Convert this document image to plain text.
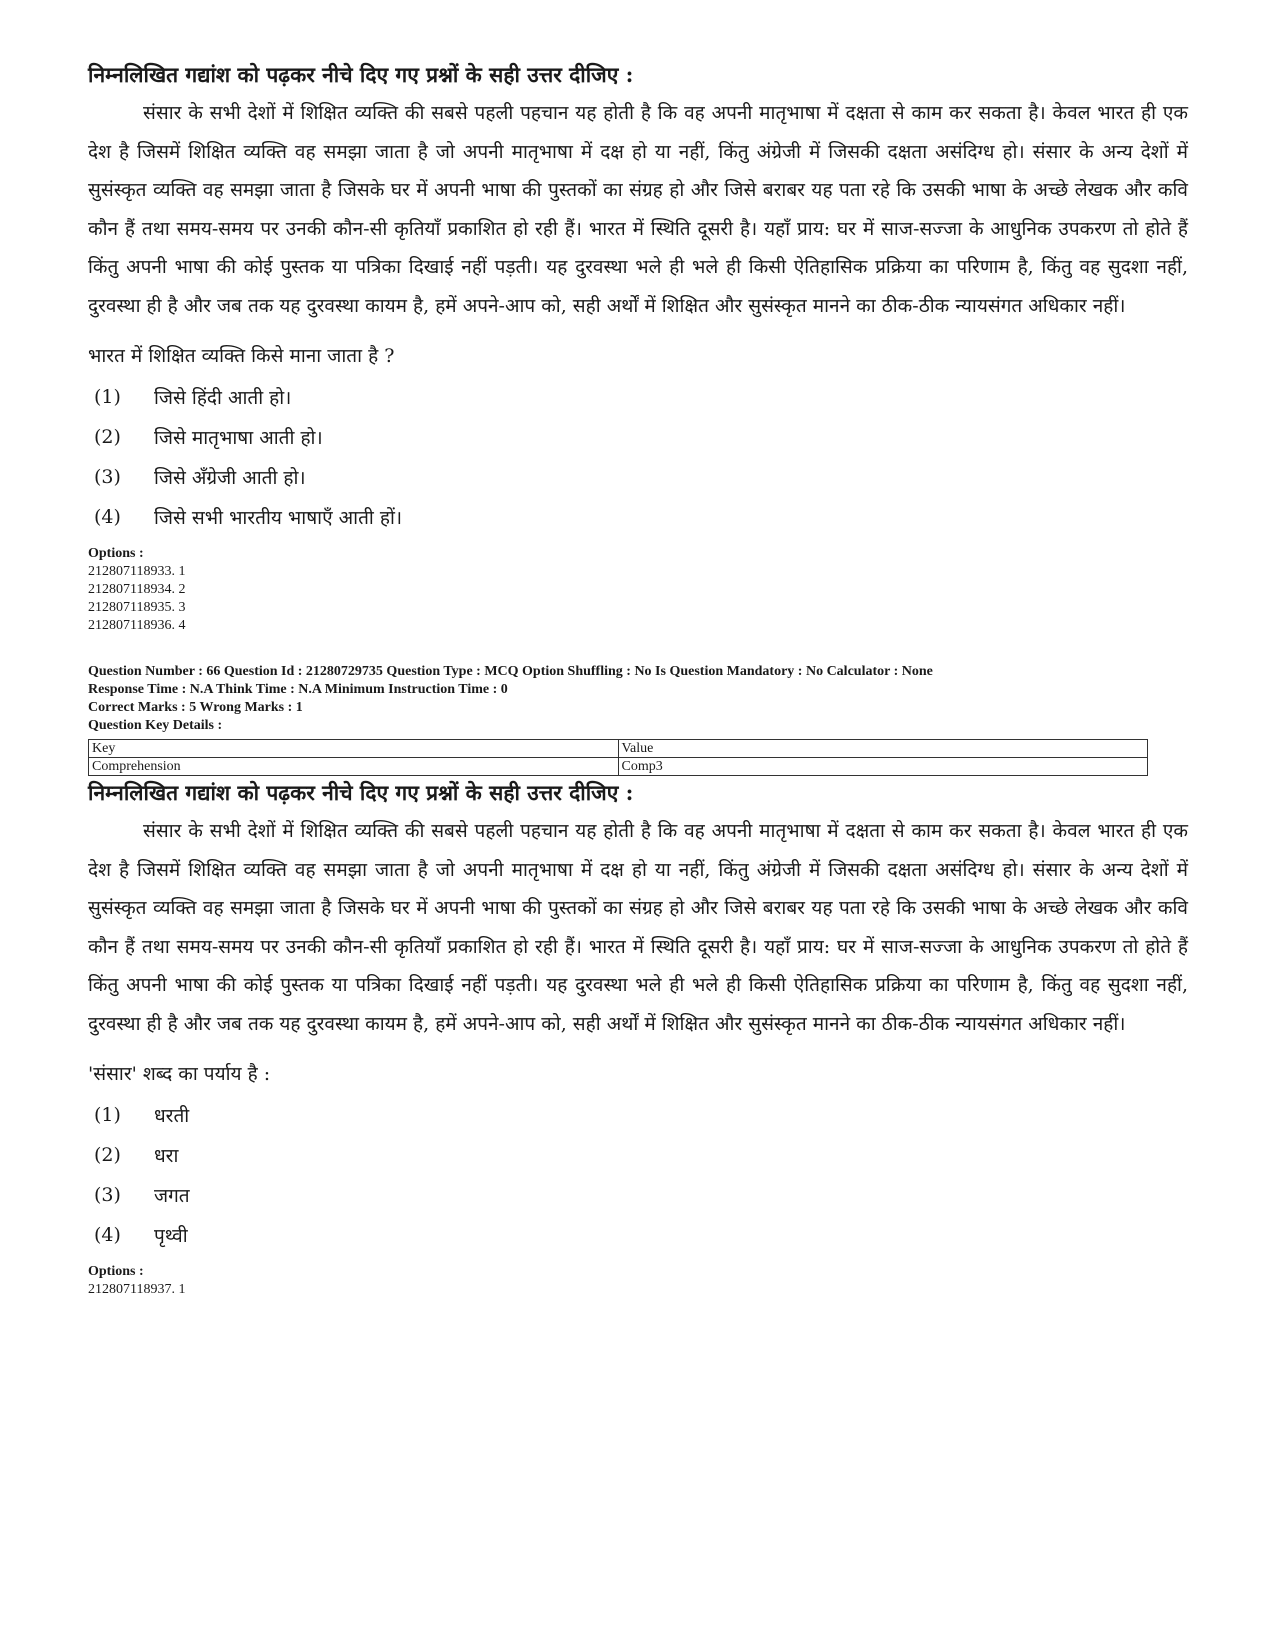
निम्नलिखित गद्यांश को पढ़कर नीचे दिए गए प्रश्नों के सही उत्तर दीजिए :

संसार के सभी देशों में शिक्षित व्यक्ति की सबसे पहली पहचान यह होती है कि वह अपनी मातृभाषा में दक्षता से काम कर सकता है। केवल भारत ही एक देश है जिसमें शिक्षित व्यक्ति वह समझा जाता है जो अपनी मातृभाषा में दक्ष हो या नहीं, किंतु अंग्रेजी में जिसकी दक्षता असंदिग्ध हो। संसार के अन्य देशों में सुसंस्कृत व्यक्ति वह समझा जाता है जिसके घर में अपनी भाषा की पुस्तकों का संग्रह हो और जिसे बराबर यह पता रहे कि उसकी भाषा के अच्छे लेखक और कवि कौन हैं तथा समय-समय पर उनकी कौन-सी कृतियाँ प्रकाशित हो रही हैं। भारत में स्थिति दूसरी है। यहाँ प्राय: घर में साज-सज्जा के आधुनिक उपकरण तो होते हैं किंतु अपनी भाषा की कोई पुस्तक या पत्रिका दिखाई नहीं पड़ती। यह दुरवस्था भले ही भले ही किसी ऐतिहासिक प्रक्रिया का परिणाम है, किंतु वह सुदशा नहीं, दुरवस्था ही है और जब तक यह दुरवस्था कायम है, हमें अपने-आप को, सही अर्थों में शिक्षित और सुसंस्कृत मानने का ठीक-ठीक न्यायसंगत अधिकार नहीं।

भारत में शिक्षित व्यक्ति किसे माना जाता है ?

(1)	जिसे हिंदी आती हो।
(2)	जिसे मातृभाषा आती हो।
(3)	जिसे अँग्रेजी आती हो।
(4)	जिसे सभी भारतीय भाषाएँ आती हों।
Options :
212807118933. 1
212807118934. 2
212807118935. 3
212807118936. 4
Question Number : 66 Question Id : 21280729735 Question Type : MCQ Option Shuffling : No Is Question Mandatory : No Calculator : None
Response Time : N.A Think Time : N.A Minimum Instruction Time : 0
Correct Marks : 5 Wrong Marks : 1
Question Key Details :
Key	Value
Comprehension	Comp3

निम्नलिखित गद्यांश को पढ़कर नीचे दिए गए प्रश्नों के सही उत्तर दीजिए :

संसार के सभी देशों में शिक्षित व्यक्ति की सबसे पहली पहचान यह होती है कि वह अपनी मातृभाषा में दक्षता से काम कर सकता है। केवल भारत ही एक देश है जिसमें शिक्षित व्यक्ति वह समझा जाता है जो अपनी मातृभाषा में दक्ष हो या नहीं, किंतु अंग्रेजी में जिसकी दक्षता असंदिग्ध हो। संसार के अन्य देशों में सुसंस्कृत व्यक्ति वह समझा जाता है जिसके घर में अपनी भाषा की पुस्तकों का संग्रह हो और जिसे बराबर यह पता रहे कि उसकी भाषा के अच्छे लेखक और कवि कौन हैं तथा समय-समय पर उनकी कौन-सी कृतियाँ प्रकाशित हो रही हैं। भारत में स्थिति दूसरी है। यहाँ प्राय: घर में साज-सज्जा के आधुनिक उपकरण तो होते हैं किंतु अपनी भाषा की कोई पुस्तक या पत्रिका दिखाई नहीं पड़ती। यह दुरवस्था भले ही भले ही किसी ऐतिहासिक प्रक्रिया का परिणाम है, किंतु वह सुदशा नहीं, दुरवस्था ही है और जब तक यह दुरवस्था कायम है, हमें अपने-आप को, सही अर्थों में शिक्षित और सुसंस्कृत मानने का ठीक-ठीक न्यायसंगत अधिकार नहीं।

'संसार' शब्द का पर्याय है :

(1)	धरती
(2)	धरा
(3)	जगत
(4)	पृथ्वी
Options :
212807118937. 1
